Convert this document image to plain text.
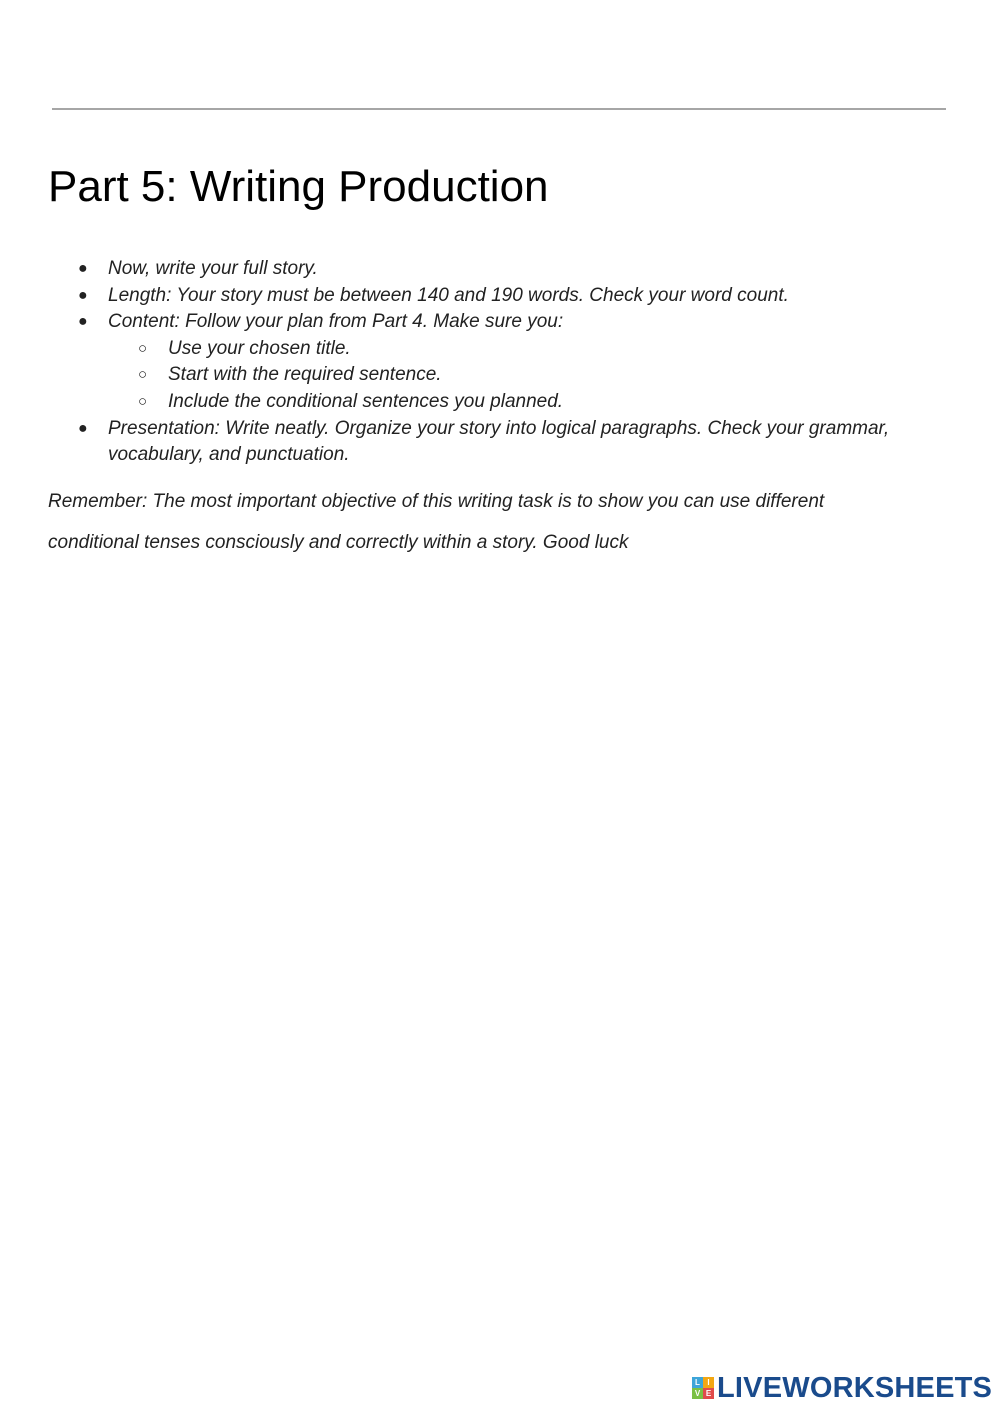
Part 5: Writing Production
● Now, write your full story.
● Length: Your story must be between 140 and 190 words. Check your word count.
● Content: Follow your plan from Part 4. Make sure you:
○ Use your chosen title.
○ Start with the required sentence.
○ Include the conditional sentences you planned.
● Presentation: Write neatly. Organize your story into logical paragraphs. Check your grammar, vocabulary, and punctuation.

Remember: The most important objective of this writing task is to show you can use different conditional tenses consciously and correctly within a story. Good luck

L I
V E LIVEWORKSHEETS
